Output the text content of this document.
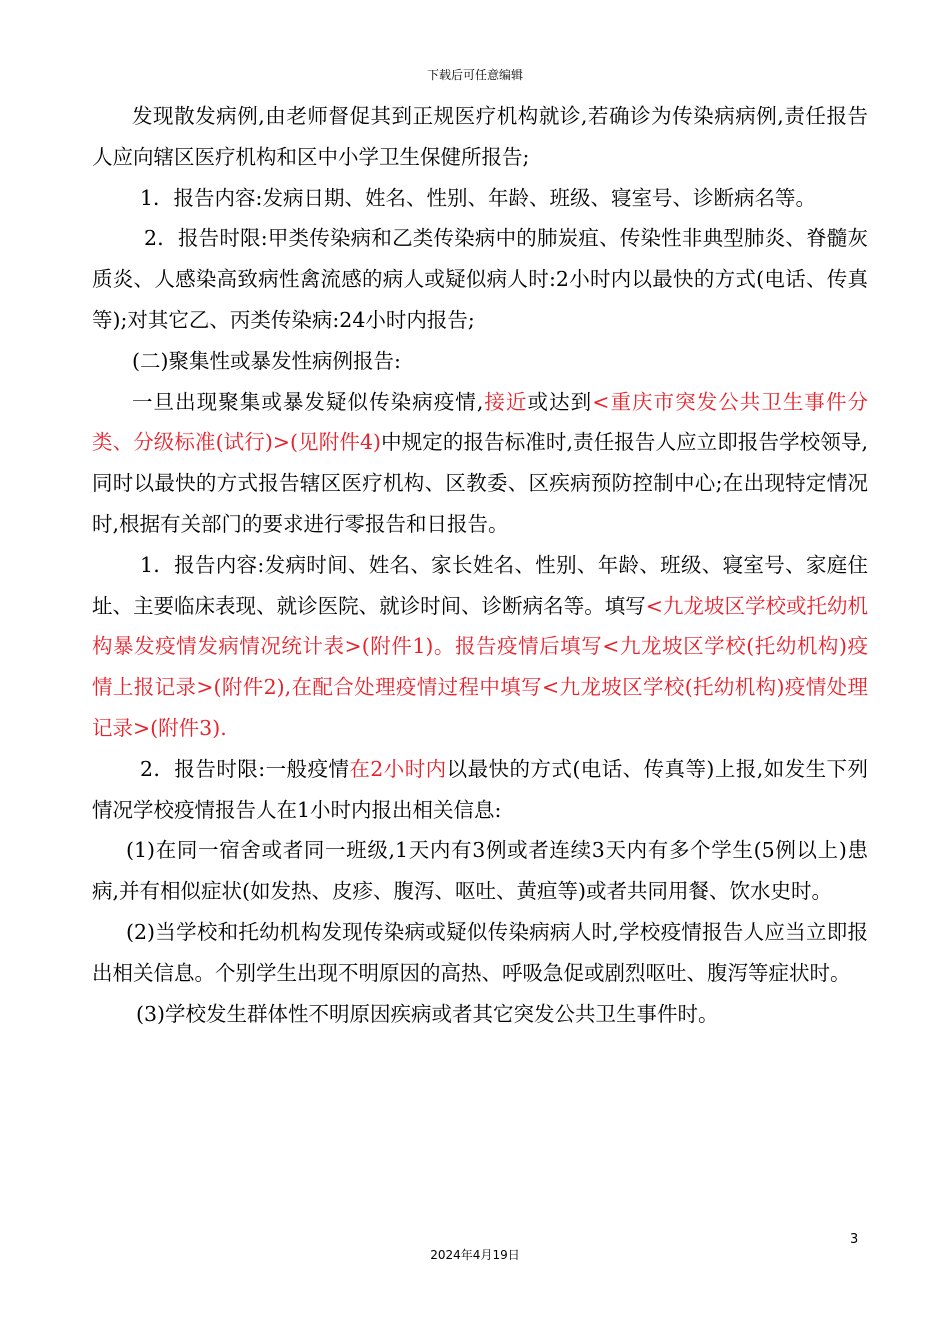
下载后可任意编辑

发现散发病例,由老师督促其到正规医疗机构就诊,若确诊为传染病病例,责任报告人应向辖区医疗机构和区中小学卫生保健所报告;

1．报告内容:发病日期、姓名、性别、年龄、班级、寝室号、诊断病名等。

2．报告时限:甲类传染病和乙类传染病中的肺炭疽、传染性非典型肺炎、脊髓灰质炎、人感染高致病性禽流感的病人或疑似病人时:2小时内以最快的方式(电话、传真等);对其它乙、丙类传染病:24小时内报告;

(二)聚集性或暴发性病例报告:

一旦出现聚集或暴发疑似传染病疫情,接近或达到<重庆市突发公共卫生事件分类、分级标准(试行)>(见附件4)中规定的报告标准时,责任报告人应立即报告学校领导,同时以最快的方式报告辖区医疗机构、区教委、区疾病预防控制中心;在出现特定情况时,根据有关部门的要求进行零报告和日报告。

1．报告内容:发病时间、姓名、家长姓名、性别、年龄、班级、寝室号、家庭住址、主要临床表现、就诊医院、就诊时间、诊断病名等。填写<九龙坡区学校或托幼机构暴发疫情发病情况统计表>(附件1)。报告疫情后填写<九龙坡区学校(托幼机构)疫情上报记录>(附件2),在配合处理疫情过程中填写<九龙坡区学校(托幼机构)疫情处理记录>(附件3).

2．报告时限:一般疫情在2小时内以最快的方式(电话、传真等)上报,如发生下列情况学校疫情报告人在1小时内报出相关信息:

(1)在同一宿舍或者同一班级,1天内有3例或者连续3天内有多个学生(5例以上)患病,并有相似症状(如发热、皮疹、腹泻、呕吐、黄疸等)或者共同用餐、饮水史时。

(2)当学校和托幼机构发现传染病或疑似传染病病人时,学校疫情报告人应当立即报出相关信息。个别学生出现不明原因的高热、呼吸急促或剧烈呕吐、腹泻等症状时。

(3)学校发生群体性不明原因疾病或者其它突发公共卫生事件时。

3
2024年4月19日
